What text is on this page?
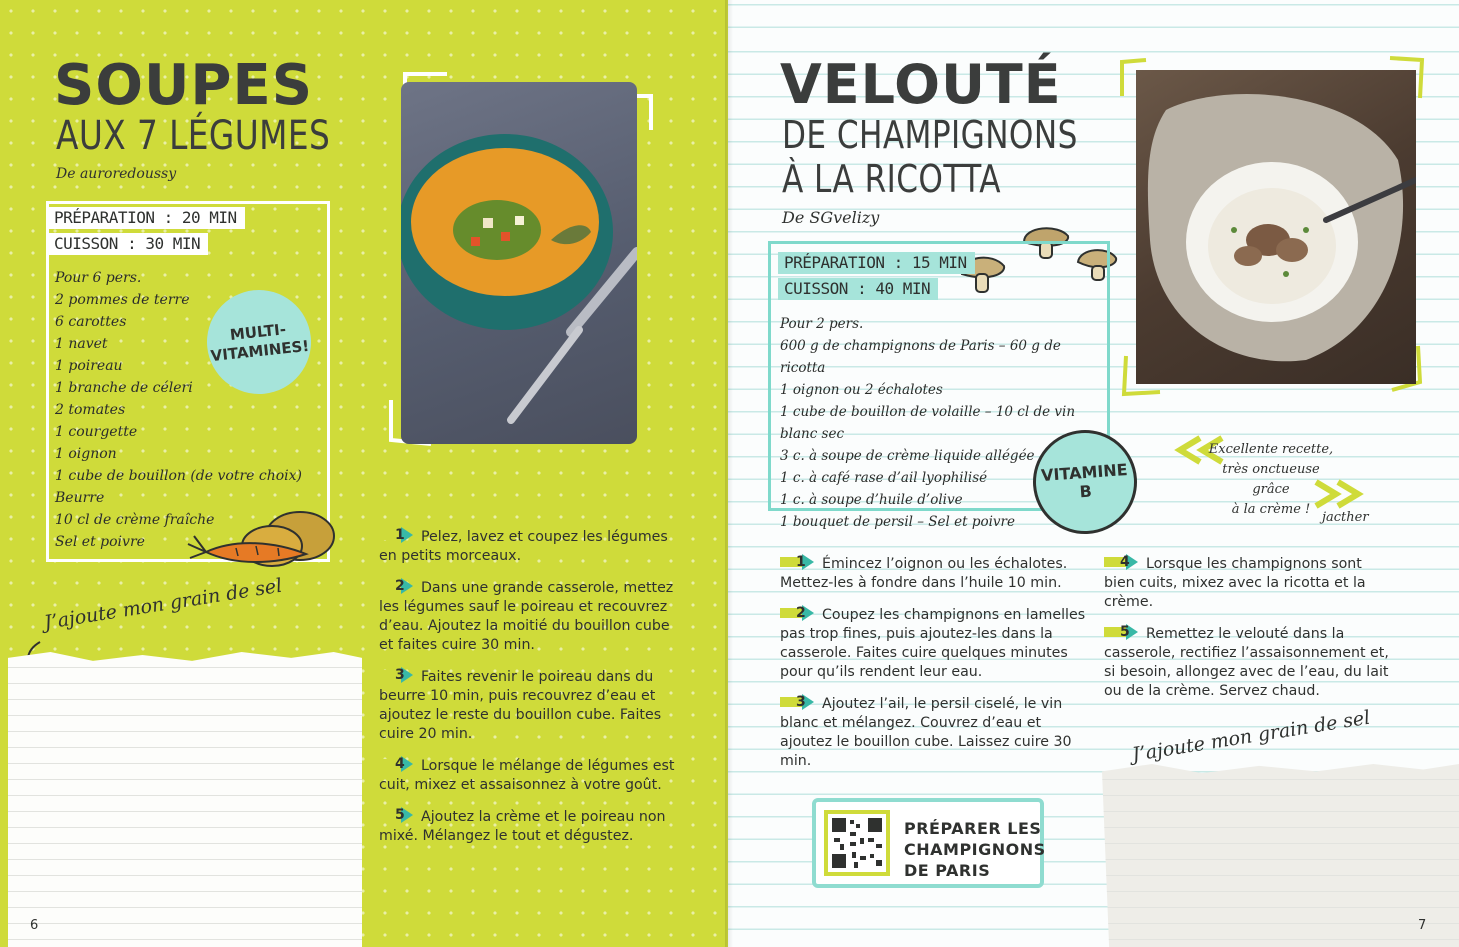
SOUPES
AUX 7 LÉGUMES
De auroredoussy
PRÉPARATION : 20 MIN
CUISSON : 30 MIN
Pour 6 pers.
2 pommes de terre
6 carottes
1 navet
1 poireau
1 branche de céleri
2 tomates
1 courgette
1 oignon
1 cube de bouillon (de votre choix)
Beurre
10 cl de crème fraîche
Sel et poivre
MULTI-
VITAMINES!
1 Pelez, lavez et coupez les légumes en petits morceaux.
2 Dans une grande casserole, mettez les légumes sauf le poireau et recouvrez d’eau. Ajoutez la moitié du bouillon cube et faites cuire 30 min.
3 Faites revenir le poireau dans du beurre 10 min, puis recouvrez d’eau et ajoutez le reste du bouillon cube. Faites cuire 20 min.
4 Lorsque le mélange de légumes est cuit, mixez et assaisonnez à votre goût.
5 Ajoutez la crème et le poireau non mixé. Mélangez le tout et dégustez.
J’ajoute mon grain de sel
6
VELOUTÉ
DE CHAMPIGNONS
À LA RICOTTA
De SGvelizy
PRÉPARATION : 15 MIN
CUISSON : 40 MIN
Pour 2 pers.
600 g de champignons de Paris – 60 g de ricotta
1 oignon ou 2 échalotes
1 cube de bouillon de volaille – 10 cl de vin blanc sec
3 c. à soupe de crème liquide allégée
1 c. à café rase d’ail lyophilisé
1 c. à soupe d’huile d’olive
1 bouquet de persil – Sel et poivre
VITAMINE B
Excellente recette,
très onctueuse grâce
à la crème !
jacther
1 Émincez l’oignon ou les échalotes. Mettez-les à fondre dans l’huile 10 min.
2 Coupez les champignons en lamelles pas trop fines, puis ajoutez-les dans la casserole. Faites cuire quelques minutes pour qu’ils rendent leur eau.
3 Ajoutez l’ail, le persil ciselé, le vin blanc et mélangez. Couvrez d’eau et ajoutez le bouillon cube. Laissez cuire 30 min.
4 Lorsque les champignons sont bien cuits, mixez avec la ricotta et la crème.
5 Remettez le velouté dans la casserole, rectifiez l’assaisonnement et, si besoin, allongez avec de l’eau, du lait ou de la crème. Servez chaud.
PRÉPARER LES
CHAMPIGNONS
DE PARIS
J’ajoute mon grain de sel
7
